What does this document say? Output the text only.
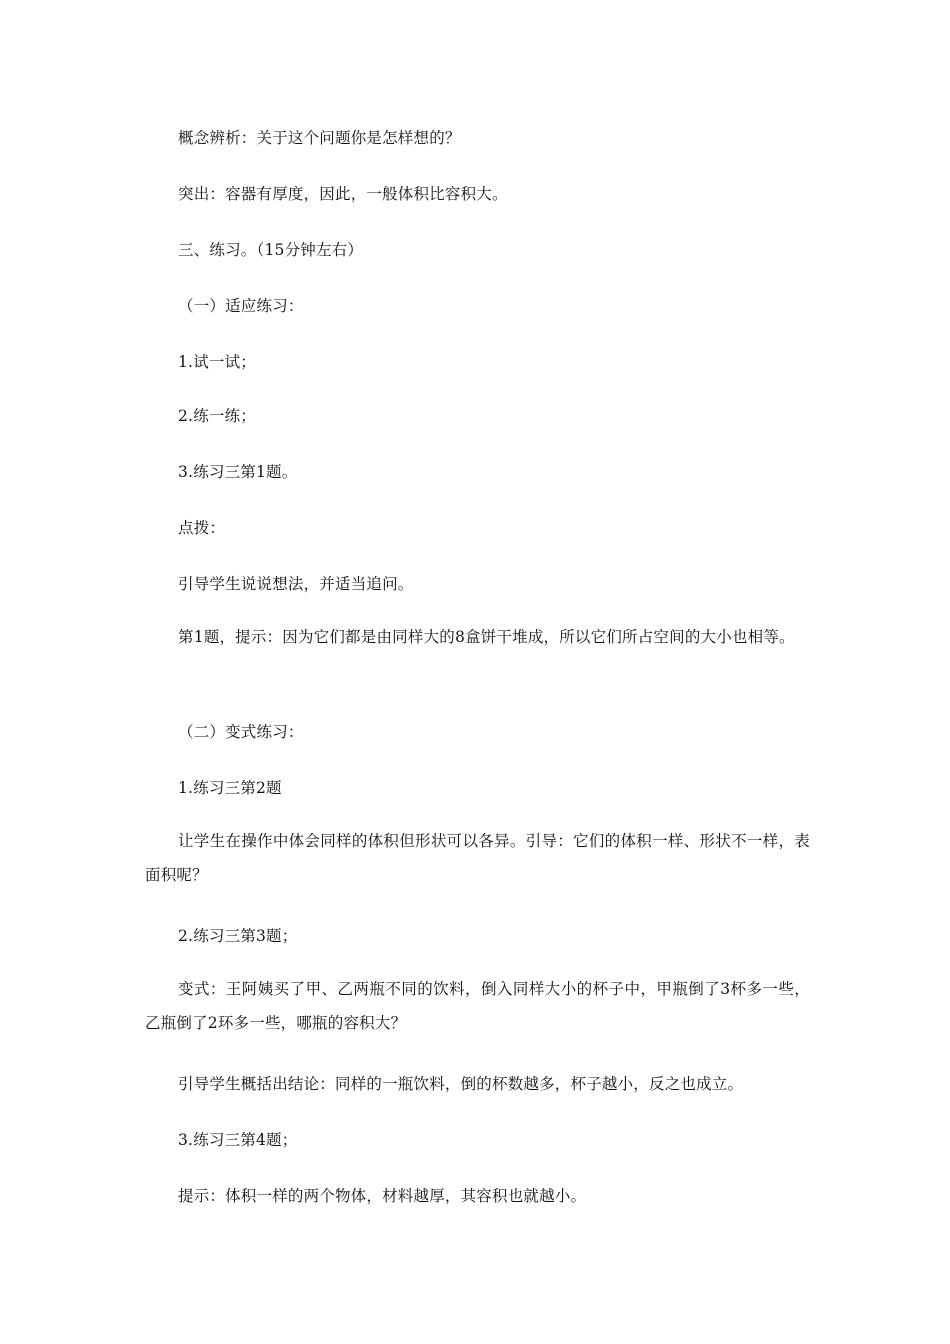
概念辨析：关于这个问题你是怎样想的？
突出：容器有厚度，因此，一般体积比容积大。
三、练习。（15分钟左右）
（一）适应练习：
1.试一试；
2.练一练；
3.练习三第1题。
点拨：
引导学生说说想法，并适当追问。
第1题，提示：因为它们都是由同样大的8盒饼干堆成，所以它们所占空间的大小也相等。
（二）变式练习：
1.练习三第2题
让学生在操作中体会同样的体积但形状可以各异。引导：它们的体积一样、形状不一样，表面积呢？
2.练习三第3题；
变式：王阿姨买了甲、乙两瓶不同的饮料，倒入同样大小的杯子中，甲瓶倒了3杯多一些，乙瓶倒了2环多一些，哪瓶的容积大？
引导学生概括出结论：同样的一瓶饮料，倒的杯数越多，杯子越小，反之也成立。
3.练习三第4题；
提示：体积一样的两个物体，材料越厚，其容积也就越小。
